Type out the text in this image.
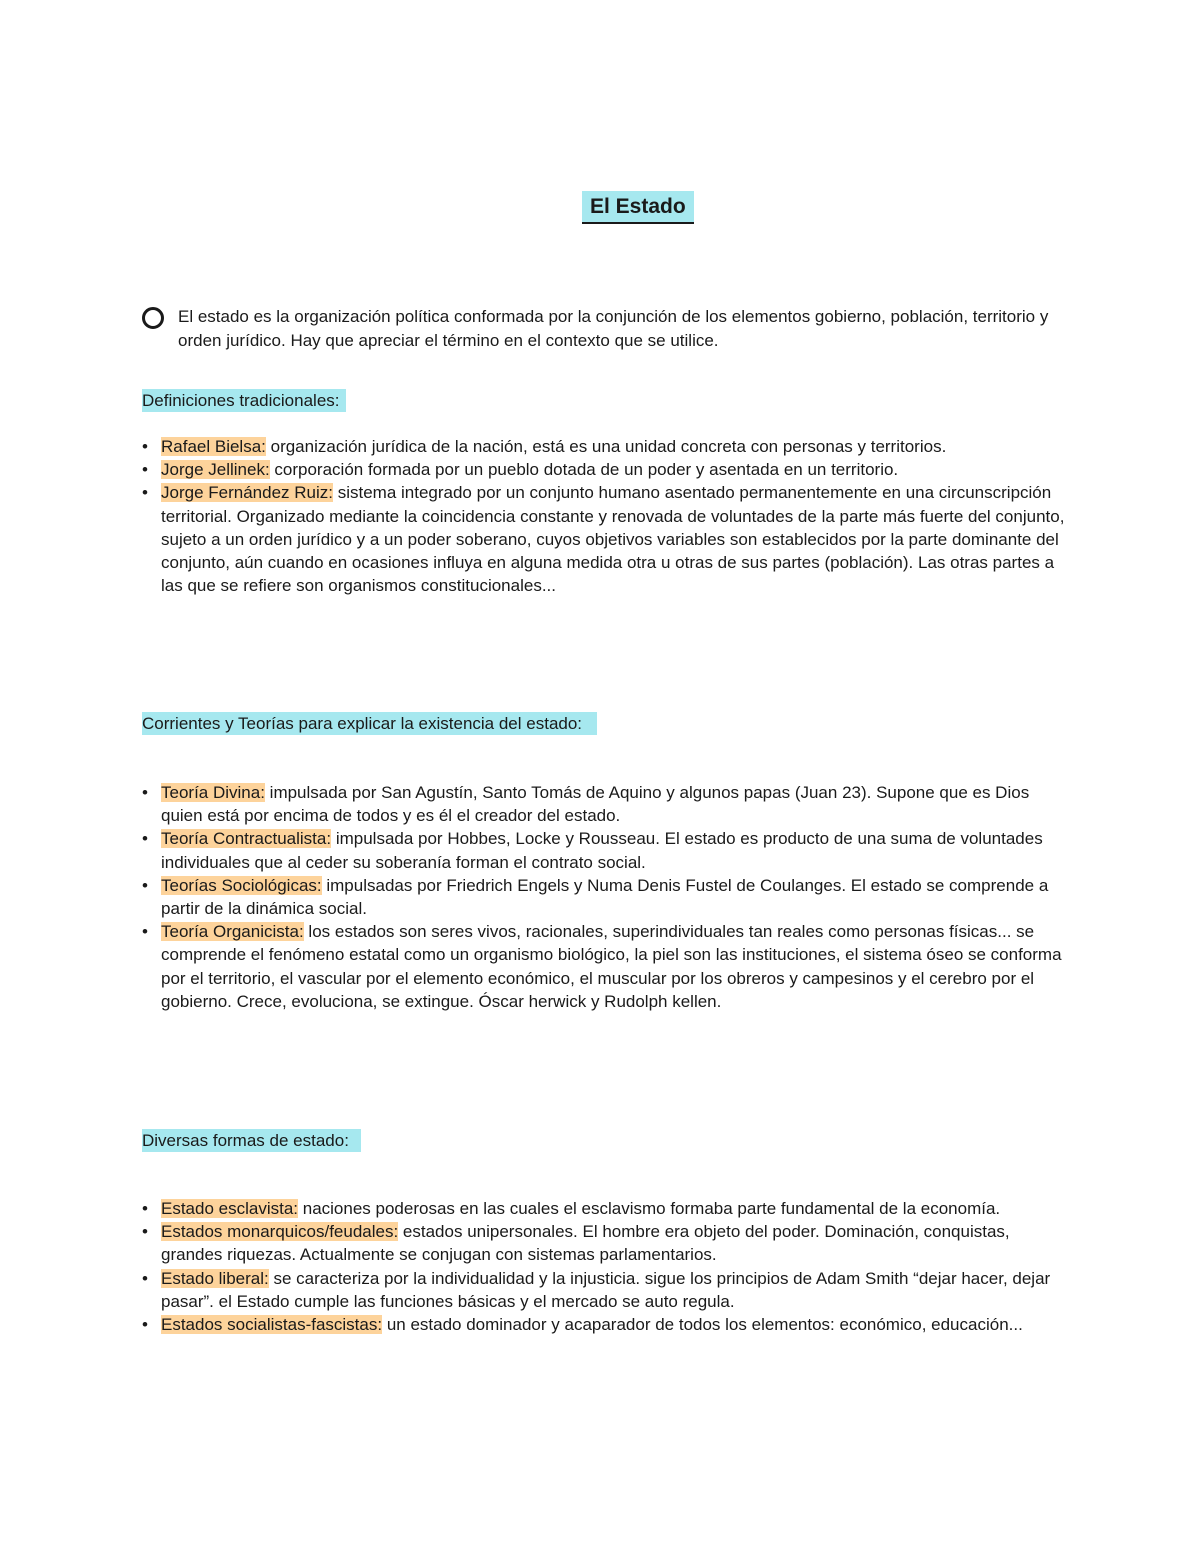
El Estado
El estado es la organización política conformada por la conjunción de los elementos gobierno, población, territorio y orden jurídico. Hay que apreciar el término en el contexto que se utilice.
Definiciones tradicionales:
• Rafael Bielsa: organización jurídica de la nación, está es una unidad concreta con personas y territorios.
• Jorge Jellinek: corporación formada por un pueblo dotada de un poder y asentada en un territorio.
• Jorge Fernández Ruiz: sistema integrado por un conjunto humano asentado permanentemente en una circunscripción territorial. Organizado mediante la coincidencia constante y renovada de voluntades de la parte más fuerte del conjunto, sujeto a un orden jurídico y a un poder soberano, cuyos objetivos variables son establecidos por la parte dominante del conjunto, aún cuando en ocasiones influya en alguna medida otra u otras de sus partes (población). Las otras partes a las que se refiere son organismos constitucionales...
Corrientes y Teorías para explicar la existencia del estado:
• Teoría Divina: impulsada por San Agustín, Santo Tomás de Aquino y algunos papas (Juan 23). Supone que es Dios quien está por encima de todos y es él el creador del estado.
• Teoría Contractualista: impulsada por Hobbes, Locke y Rousseau. El estado es producto de una suma de voluntades individuales que al ceder su soberanía forman el contrato social.
• Teorías Sociológicas: impulsadas por Friedrich Engels y Numa Denis Fustel de Coulanges. El estado se comprende a partir de la dinámica social.
• Teoría Organicista: los estados son seres vivos, racionales, superindividuales tan reales como personas físicas... se comprende el fenómeno estatal como un organismo biológico, la piel son las instituciones, el sistema óseo se conforma por el territorio, el vascular por el elemento económico, el muscular por los obreros y campesinos y el cerebro por el gobierno. Crece, evoluciona, se extingue. Óscar herwick y Rudolph kellen.
Diversas formas de estado:
• Estado esclavista: naciones poderosas en las cuales el esclavismo formaba parte fundamental de la economía.
• Estados monarquicos/feudales: estados unipersonales. El hombre era objeto del poder. Dominación, conquistas, grandes riquezas. Actualmente se conjugan con sistemas parlamentarios.
• Estado liberal: se caracteriza por la individualidad y la injusticia. sigue los principios de Adam Smith “dejar hacer, dejar pasar”. el Estado cumple las funciones básicas y el mercado se auto regula.
• Estados socialistas-fascistas: un estado dominador y acaparador de todos los elementos: económico, educación...
